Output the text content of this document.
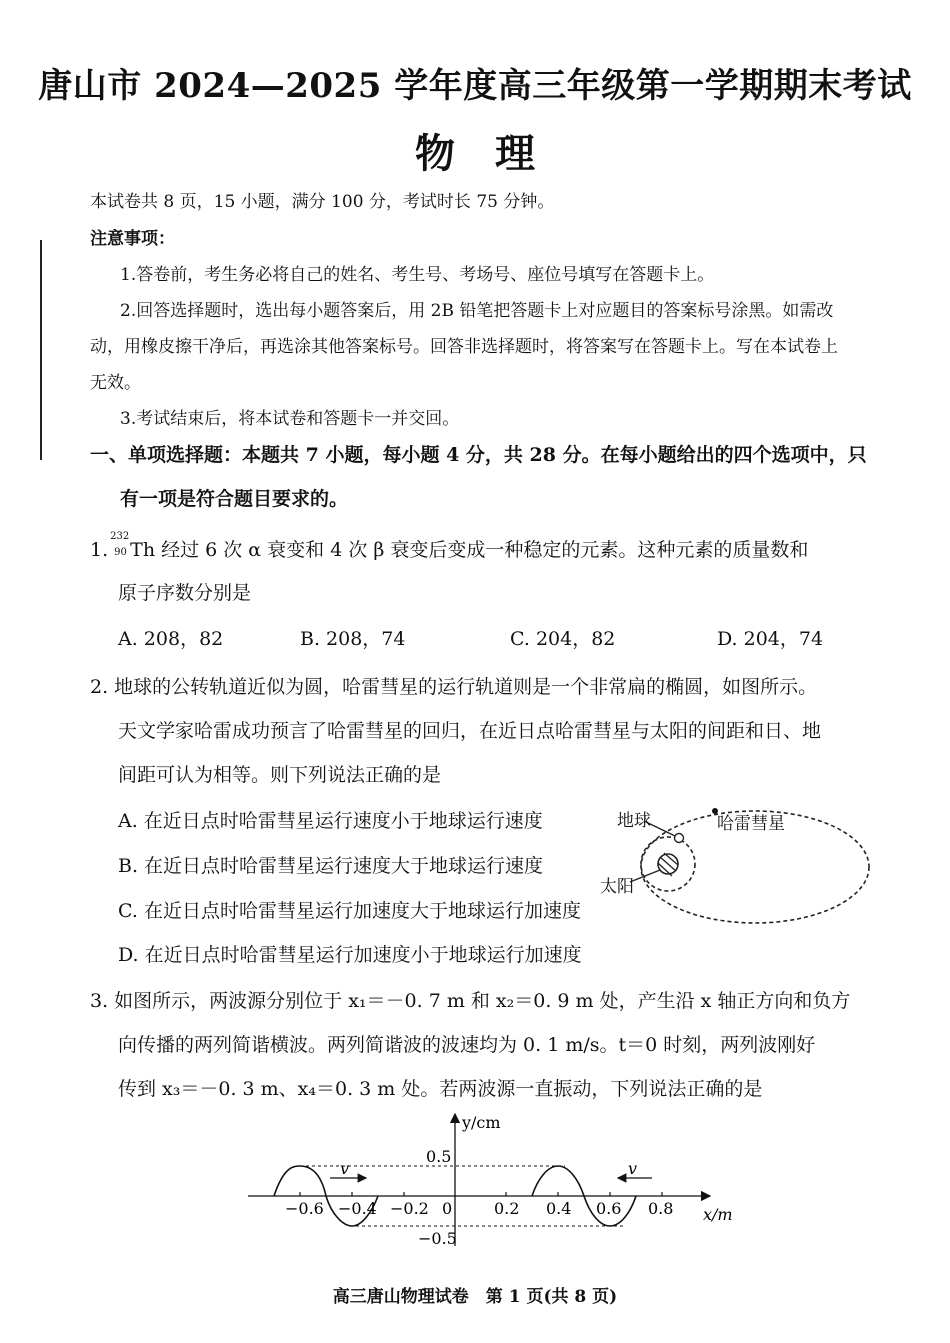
唐山市 2024—2025 学年度高三年级第一学期期末考试
物理
本试卷共 8 页，15 小题，满分 100 分，考试时长 75 分钟。
注意事项：
1.答卷前，考生务必将自己的姓名、考生号、考场号、座位号填写在答题卡上。
2.回答选择题时，选出每小题答案后，用 2B 铅笔把答题卡上对应题目的答案标号涂黑。如需改
动，用橡皮擦干净后，再选涂其他答案标号。回答非选择题时，将答案写在答题卡上。写在本试卷上
无效。
3.考试结束后，将本试卷和答题卡一并交回。
一、单项选择题：本题共 7 小题，每小题 4 分，共 28 分。在每小题给出的四个选项中，只
有一项是符合题目要求的。
1.
232
90 Th 经过 6 次 α 衰变和 4 次 β 衰变后变成一种稳定的元素。这种元素的质量数和
原子序数分别是
A. 208，82	B. 208，74	C. 204，82	D. 204，74
2. 地球的公转轨道近似为圆，哈雷彗星的运行轨道则是一个非常扁的椭圆，如图所示。
天文学家哈雷成功预言了哈雷彗星的回归，在近日点哈雷彗星与太阳的间距和日、地
间距可认为相等。则下列说法正确的是
A. 在近日点时哈雷彗星运行速度小于地球运行速度
B. 在近日点时哈雷彗星运行速度大于地球运行速度
C. 在近日点时哈雷彗星运行加速度大于地球运行加速度
D. 在近日点时哈雷彗星运行加速度小于地球运行加速度
地球	哈雷彗星
太阳
3. 如图所示，两波源分别位于 x₁＝－0. 7 m 和 x₂＝0. 9 m 处，产生沿 x 轴正方向和负方
向传播的两列简谐横波。两列简谐波的波速均为 0. 1 m/s。t＝0 时刻，两列波刚好
传到 x₃＝－0. 3 m、x₄＝0. 3 m 处。若两波源一直振动，下列说法正确的是
v	v
y/cm
x/m
0.5
−0.5
0
−0.6 −0.4 −0.2	0.2 0.4 0.6 0.8
高三唐山物理试卷　第 1 页(共 8 页)
